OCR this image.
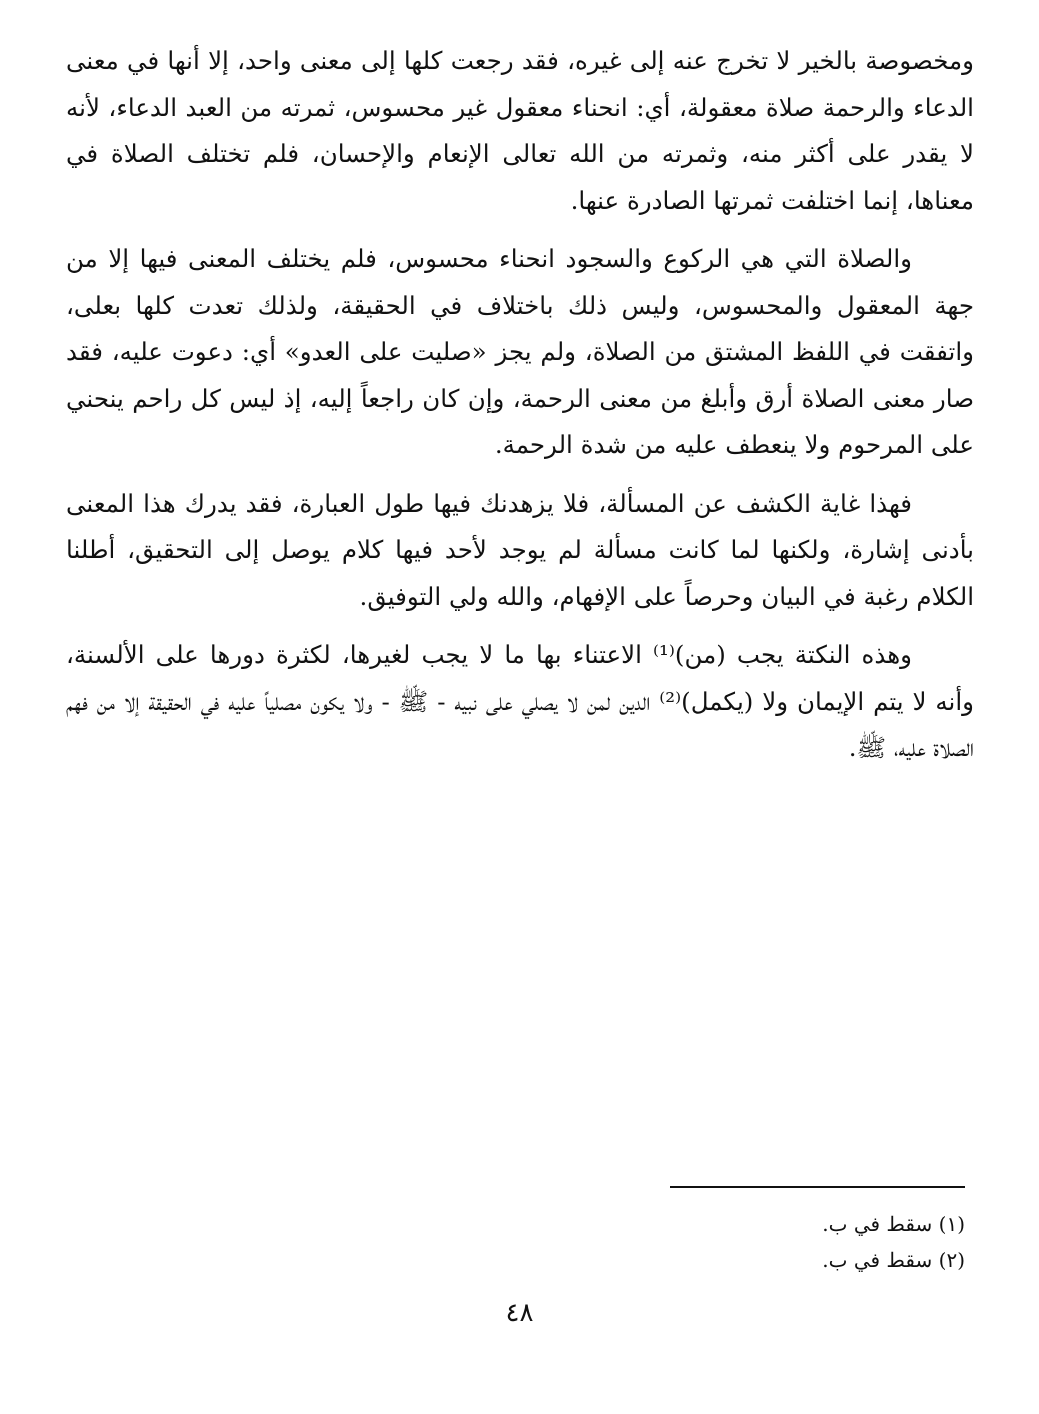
ومخصوصة بالخير لا تخرج عنه إلى غيره، فقد رجعت كلها إلى معنى واحد، إلا أنها في معنى الدعاء والرحمة صلاة معقولة، أي: انحناء معقول غير محسوس، ثمرته من العبد الدعاء، لأنه لا يقدر على أكثر منه، وثمرته من الله تعالى الإنعام والإحسان، فلم تختلف الصلاة في معناها، إنما اختلفت ثمرتها الصادرة عنها.

والصلاة التي هي الركوع والسجود انحناء محسوس، فلم يختلف المعنى فيها إلا من جهة المعقول والمحسوس، وليس ذلك باختلاف في الحقيقة، ولذلك تعدت كلها بعلى، واتفقت في اللفظ المشتق من الصلاة، ولم يجز «صليت على العدو» أي: دعوت عليه، فقد صار معنى الصلاة أرق وأبلغ من معنى الرحمة، وإن كان راجعاً إليه، إذ ليس كل راحم ينحني على المرحوم ولا ينعطف عليه من شدة الرحمة.

فهذا غاية الكشف عن المسألة، فلا يزهدنك فيها طول العبارة، فقد يدرك هذا المعنى بأدنى إشارة، ولكنها لما كانت مسألة لم يوجد لأحد فيها كلام يوصل إلى التحقيق، أطلنا الكلام رغبة في البيان وحرصاً على الإفهام، والله ولي التوفيق.

وهذه النكتة يجب (من)⁽¹⁾ الاعتناء بها ما لا يجب لغيرها، لكثرة دورها على الألسنة، وأنه لا يتم الإيمان ولا (يكمل)⁽²⁾ الدين لمن لا يصلي على نبيه - ﷺ - ولا يكون مصلياً عليه في الحقيقة إلا من فهم الصلاة عليه، ﷺ.

(١) سقط في ب.

(٢) سقط في ب.

٤٨
